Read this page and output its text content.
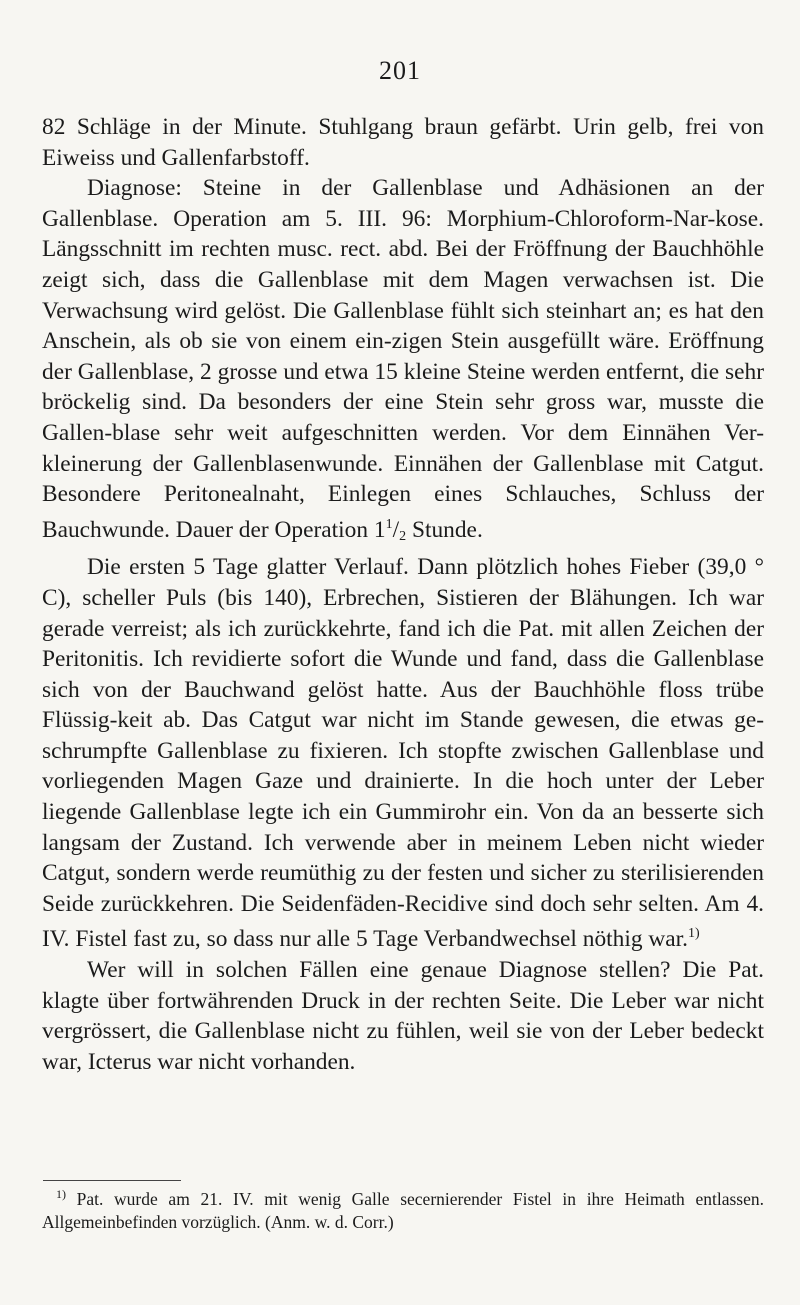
201

82 Schläge in der Minute. Stuhlgang braun gefärbt. Urin gelb, frei von Eiweiss und Gallenfarbstoff.

Diagnose: Steine in der Gallenblase und Adhäsionen an der Gallenblase. Operation am 5. III. 96: Morphium-Chloroform-Nar-kose. Längsschnitt im rechten musc. rect. abd. Bei der Fröffnung der Bauchhöhle zeigt sich, dass die Gallenblase mit dem Magen verwachsen ist. Die Verwachsung wird gelöst. Die Gallenblase fühlt sich steinhart an; es hat den Anschein, als ob sie von einem ein-zigen Stein ausgefüllt wäre. Eröffnung der Gallenblase, 2 grosse und etwa 15 kleine Steine werden entfernt, die sehr bröckelig sind. Da besonders der eine Stein sehr gross war, musste die Gallen-blase sehr weit aufgeschnitten werden. Vor dem Einnähen Ver-kleinerung der Gallenblasenwunde. Einnähen der Gallenblase mit Catgut. Besondere Peritonealnaht, Einlegen eines Schlauches, Schluss der Bauchwunde. Dauer der Operation $1^1/2$ Stunde.

Die ersten 5 Tage glatter Verlauf. Dann plötzlich hohes Fieber (39,0 ° C), scheller Puls (bis 140), Erbrechen, Sistieren der Blähungen. Ich war gerade verreist; als ich zurückkehrte, fand ich die Pat. mit allen Zeichen der Peritonitis. Ich revidierte sofort die Wunde und fand, dass die Gallenblase sich von der Bauchwand gelöst hatte. Aus der Bauchhöhle floss trübe Flüssig-keit ab. Das Catgut war nicht im Stande gewesen, die etwas ge-schrumpfte Gallenblase zu fixieren. Ich stopfte zwischen Gallenblase und vorliegenden Magen Gaze und drainierte. In die hoch unter der Leber liegende Gallenblase legte ich ein Gummirohr ein. Von da an besserte sich langsam der Zustand. Ich verwende aber in meinem Leben nicht wieder Catgut, sondern werde reumüthig zu der festen und sicher zu sterilisierenden Seide zurückkehren. Die Seidenfäden-Recidive sind doch sehr selten. Am 4. IV. Fistel fast zu, so dass nur alle 5 Tage Verbandwechsel nöthig war.$^{1)}$

Wer will in solchen Fällen eine genaue Diagnose stellen? Die Pat. klagte über fortwährenden Druck in der rechten Seite. Die Leber war nicht vergrössert, die Gallenblase nicht zu fühlen, weil sie von der Leber bedeckt war, Icterus war nicht vorhanden.

$^{1)}$ Pat. wurde am 21. IV. mit wenig Galle secernierender Fistel in ihre Heimath entlassen. Allgemeinbefinden vorzüglich. (Anm. w. d. Corr.)
